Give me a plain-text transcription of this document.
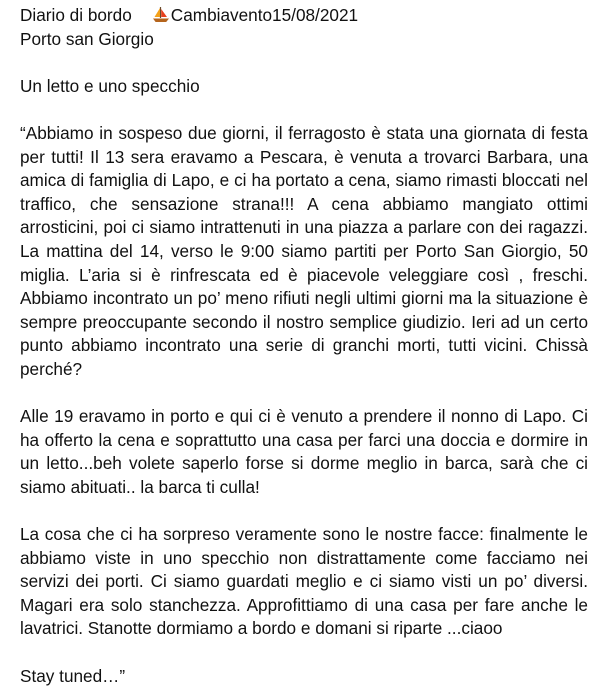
Diario di bordo Cambiavento15/08/2021
Porto san Giorgio

Un letto e uno specchio

“Abbiamo in sospeso due giorni, il ferragosto è stata una giornata di festa per tutti! Il 13 sera eravamo a Pescara, è venuta a trovarci Barbara, una amica di famiglia di Lapo, e ci ha portato a cena, siamo rimasti bloccati nel traffico, che sensazione strana!!! A cena abbiamo mangiato ottimi arrosticini, poi ci siamo intrattenuti in una piazza a parlare con dei ragazzi. La mattina del 14, verso le 9:00 siamo partiti per Porto San Giorgio, 50 miglia. L’aria si è rinfrescata ed è piacevole veleggiare così , freschi. Abbiamo incontrato un po’ meno rifiuti negli ultimi giorni ma la situazione è sempre preoccupante secondo il nostro semplice giudizio. Ieri ad un certo punto abbiamo incontrato una serie di granchi morti, tutti vicini. Chissà perché?

Alle 19 eravamo in porto e qui ci è venuto a prendere il nonno di Lapo. Ci ha offerto la cena e soprattutto una casa per farci una doccia e dormire in un letto...beh volete saperlo forse si dorme meglio in barca, sarà che ci siamo abituati.. la barca ti culla!

La cosa che ci ha sorpreso veramente sono le nostre facce: finalmente le abbiamo viste in uno specchio non distrattamente come facciamo nei servizi dei porti. Ci siamo guardati meglio e ci siamo visti un po’ diversi. Magari era solo stanchezza. Approfittiamo di una casa per fare anche le lavatrici. Stanotte dormiamo a bordo e domani si riparte ...ciaoo

Stay tuned…”
